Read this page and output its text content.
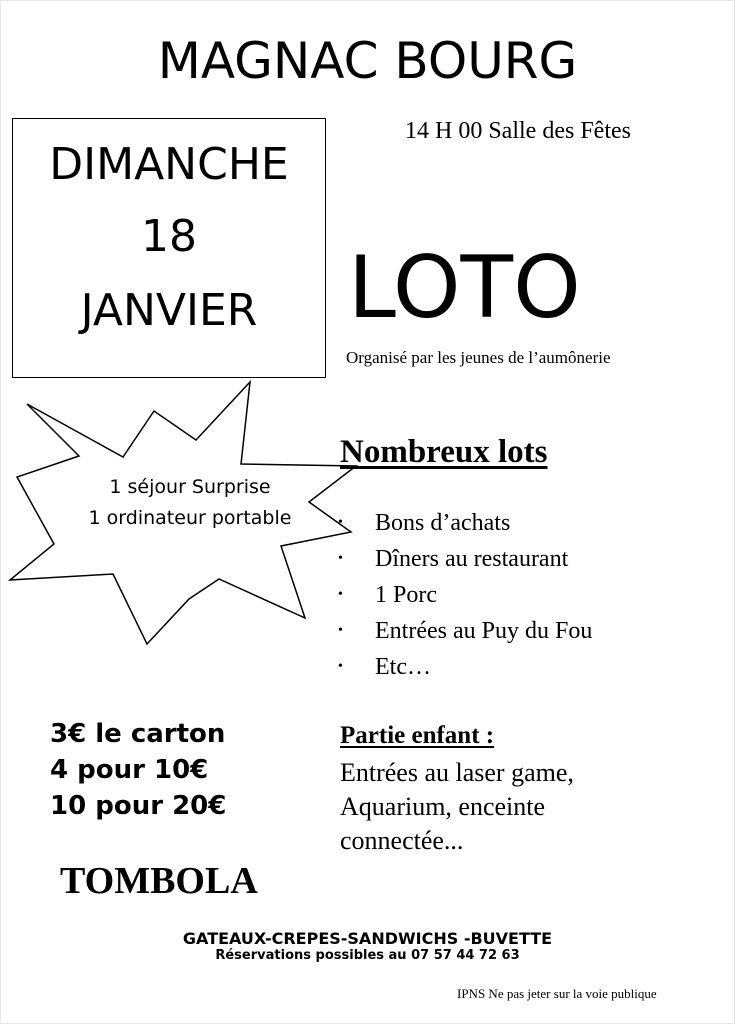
MAGNAC BOURG
14 H 00 Salle des Fêtes
DIMANCHE
18
JANVIER	LOTO
Organisé par les jeunes de l’aumônerie
1 séjour Surprise
1 ordinateur portable
Nombreux lots
• Bons d’achats
• Dîners au restaurant
• 1 Porc
• Entrées au Puy du Fou
• Etc…
3€ le carton
4 pour 10€
10 pour 20€
Partie enfant :
Entrées au laser game,
Aquarium, enceinte
connectée...
TOMBOLA
GATEAUX-CREPES-SANDWICHS -BUVETTE
Réservations possibles au 07 57 44 72 63
IPNS Ne pas jeter sur la voie publique
